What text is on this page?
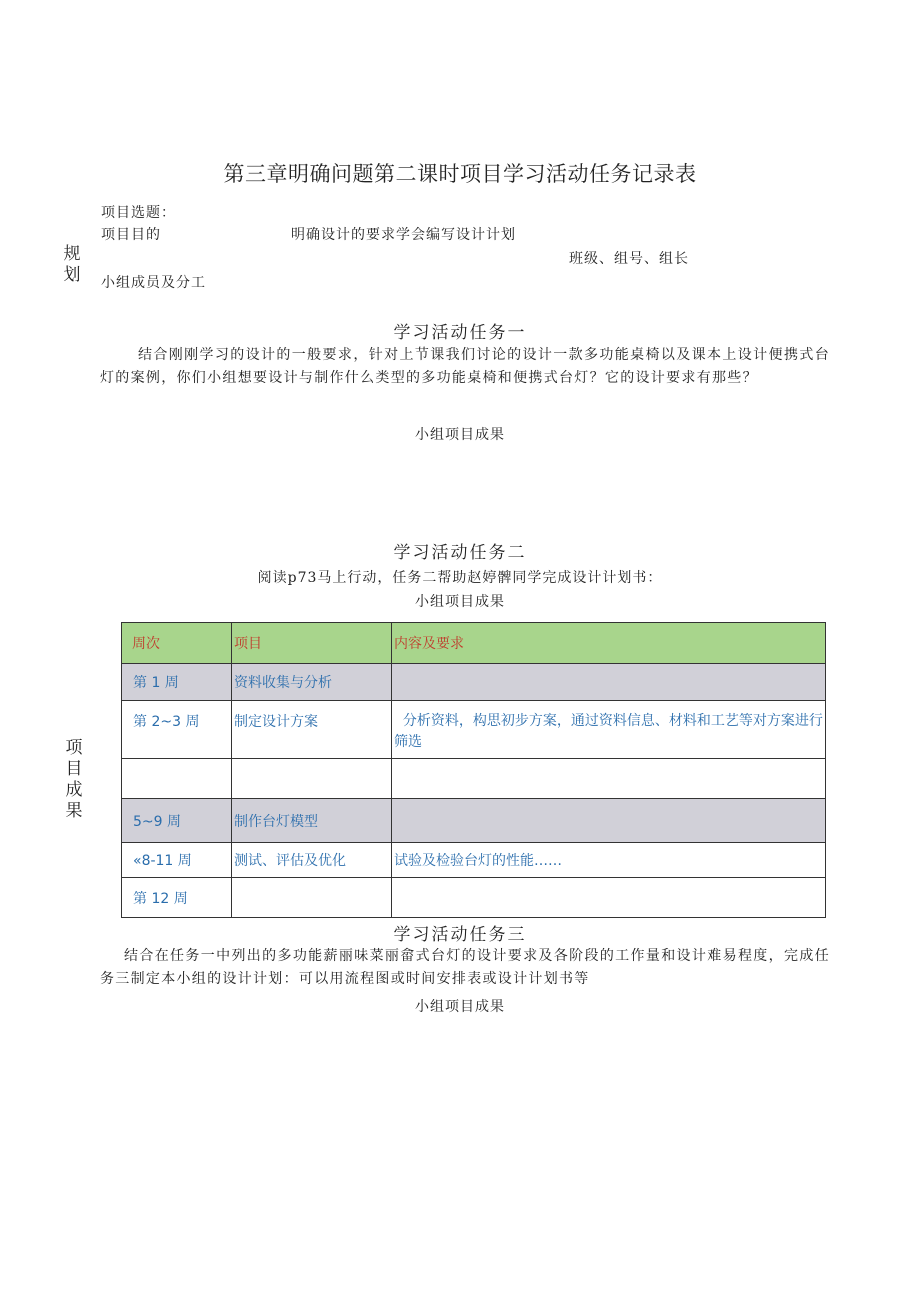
第三章明确问题第二课时项目学习活动任务记录表
项目选题：
项目目的	明确设计的要求学会编写设计计划
规划
班级、组号、组长
小组成员及分工
学习活动任务一
结合刚刚学习的设计的一般要求，针对上节课我们讨论的设计一款多功能桌椅以及课本上设计便携式台灯的案例，你们小组想要设计与制作什么类型的多功能桌椅和便携式台灯？它的设计要求有那些？
小组项目成果
学习活动任务二
阅读p73马上行动，任务二帮助赵婷髀同学完成设计计划书：
小组项目成果
项目成果
周次	项目	内容及要求
第 1 周	资料收集与分析	
第 2~3 周	制定设计方案	分析资料，构思初步方案，通过资料信息、材料和工艺等对方案进行筛选

5~9 周	制作台灯模型	
«8-11 周	测试、评估及优化	试验及检验台灯的性能……
第 12 周		
学习活动任务三
结合在任务一中列出的多功能薪丽味菜丽畲式台灯的设计要求及各阶段的工作量和设计难易程度，完成任务三制定本小组的设计计划：可以用流程图或时间安排表或设计计划书等
小组项目成果
